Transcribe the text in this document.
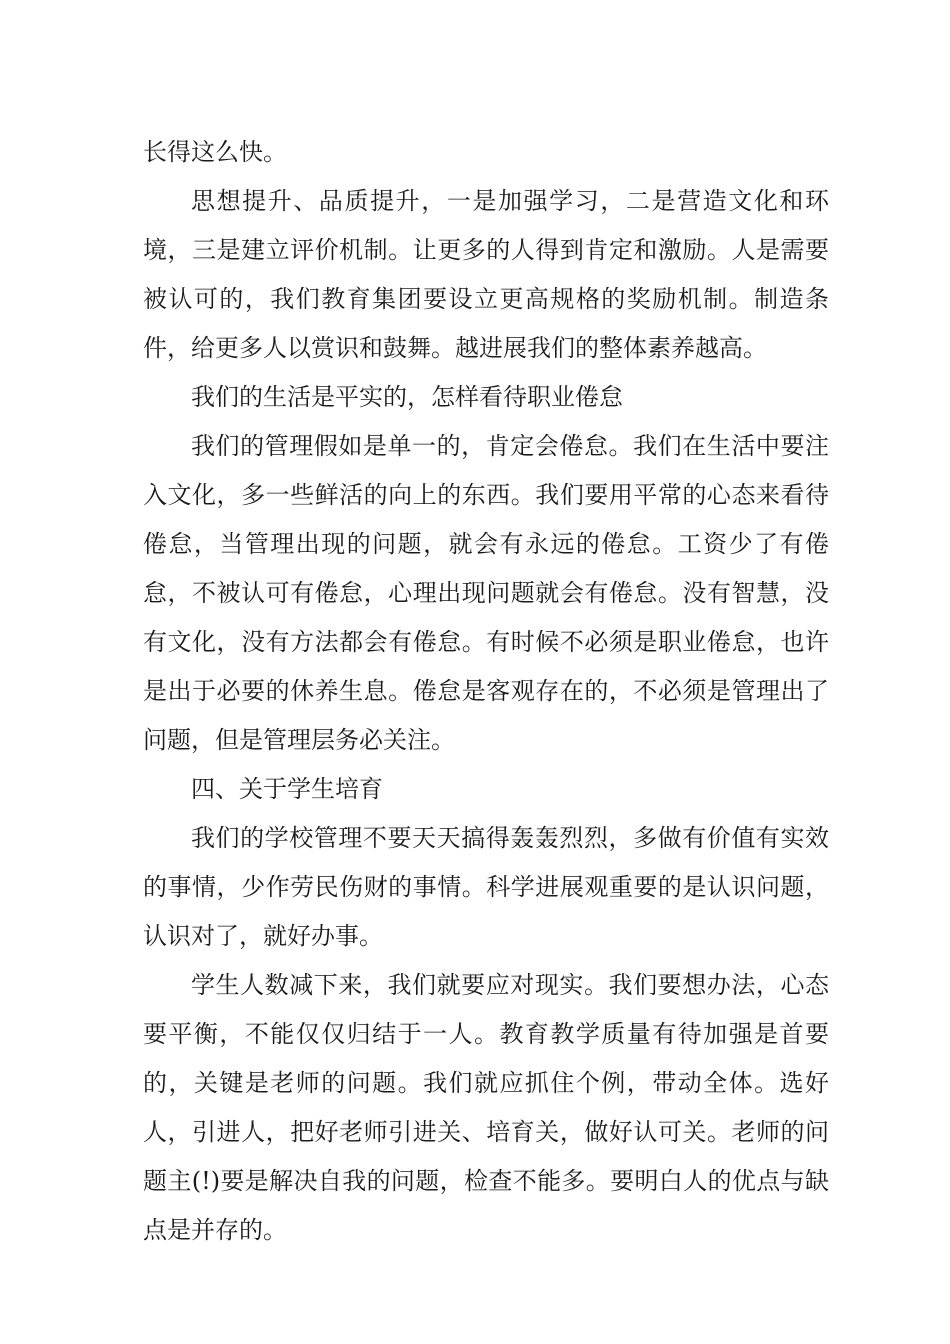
长得这么快。

思想提升、品质提升，一是加强学习，二是营造文化和环境，三是建立评价机制。让更多的人得到肯定和激励。人是需要被认可的，我们教育集团要设立更高规格的奖励机制。制造条件，给更多人以赏识和鼓舞。越进展我们的整体素养越高。

我们的生活是平实的，怎样看待职业倦怠

我们的管理假如是单一的，肯定会倦怠。我们在生活中要注入文化，多一些鲜活的向上的东西。我们要用平常的心态来看待倦怠，当管理出现的问题，就会有永远的倦怠。工资少了有倦怠，不被认可有倦怠，心理出现问题就会有倦怠。没有智慧，没有文化，没有方法都会有倦怠。有时候不必须是职业倦怠，也许是出于必要的休养生息。倦怠是客观存在的，不必须是管理出了问题，但是管理层务必关注。

四、关于学生培育

我们的学校管理不要天天搞得轰轰烈烈，多做有价值有实效的事情，少作劳民伤财的事情。科学进展观重要的是认识问题，认识对了，就好办事。

学生人数减下来，我们就要应对现实。我们要想办法，心态要平衡，不能仅仅归结于一人。教育教学质量有待加强是首要的，关键是老师的问题。我们就应抓住个例，带动全体。选好人，引进人，把好老师引进关、培育关，做好认可关。老师的问题主(!)要是解决自我的问题，检查不能多。要明白人的优点与缺点是并存的。
